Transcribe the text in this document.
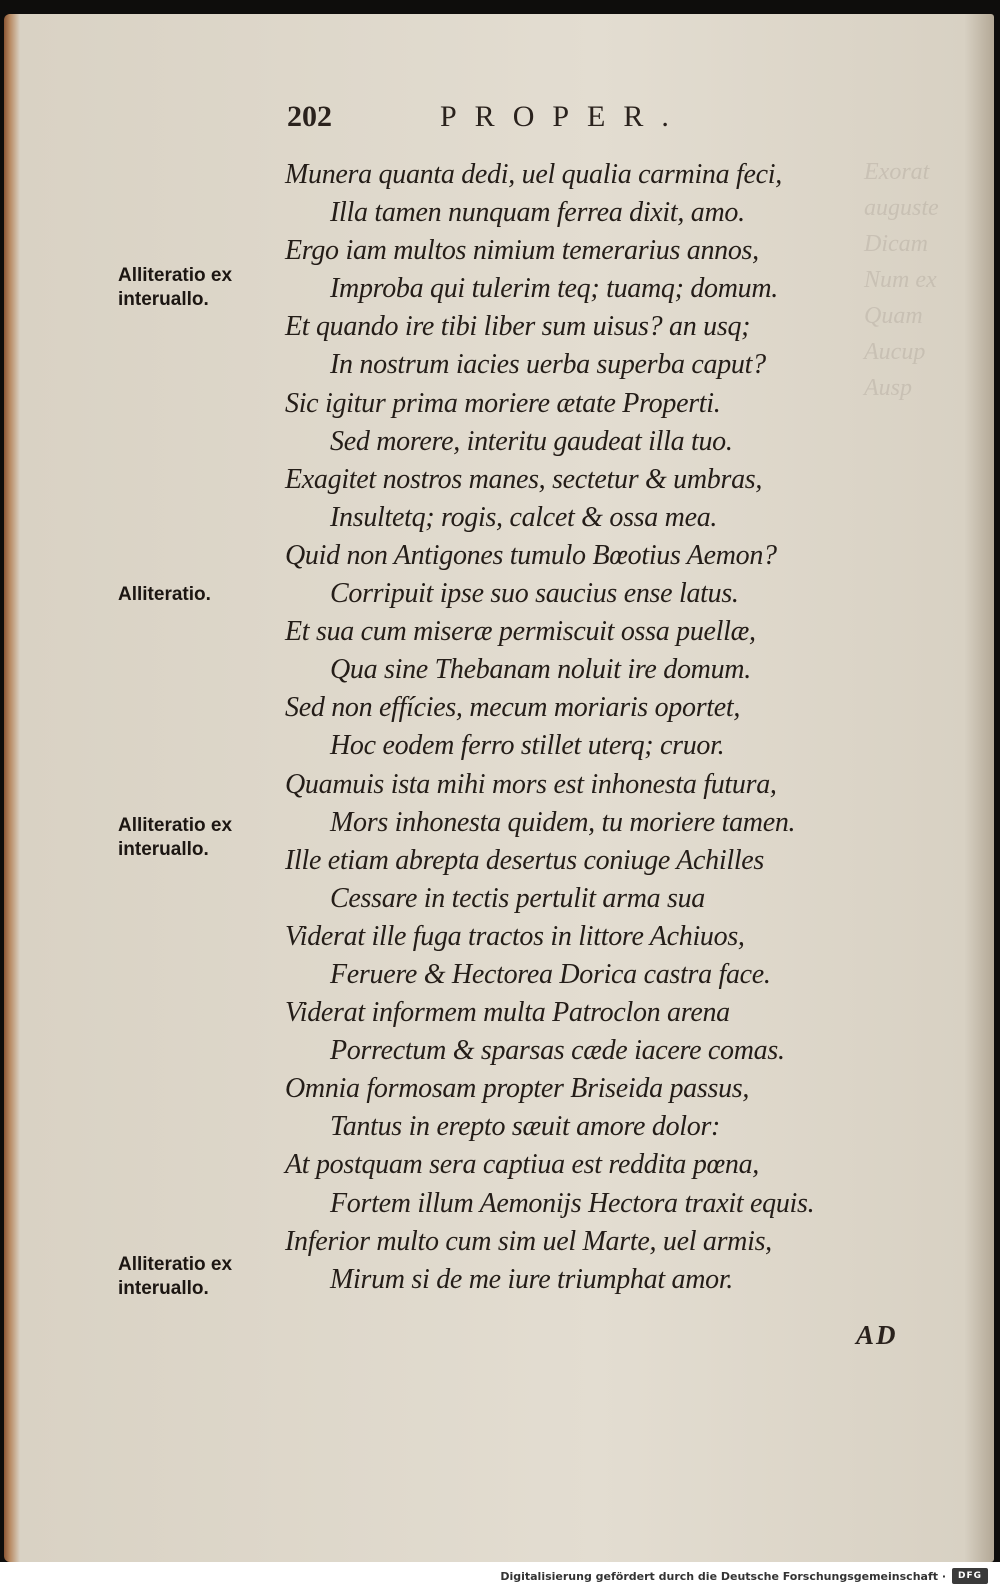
Exorat
auguste
Dicam
Num ex
Quam
Aucup
Ausp
202	PROPER.
Munera quanta dedi, uel qualia carmina feci,
Illa tamen nunquam ferrea dixit, amo.
Ergo iam multos nimium temerarius annos,
Improba qui tulerim teq; tuamq; domum.
Et quando ire tibi liber sum uisus? an usq;
In nostrum iacies uerba superba caput?
Sic igitur prima moriere ætate Properti.
Sed morere, interitu gaudeat illa tuo.
Exagitet nostros manes, sectetur & umbras,
Insultetq; rogis, calcet & ossa mea.
Quid non Antigones tumulo Bœotius Aemon?
Corripuit ipse suo saucius ense latus.
Et sua cum miseræ permiscuit ossa puellæ,
Qua sine Thebanam noluit ire domum.
Sed non effícies, mecum moriaris oportet,
Hoc eodem ferro stillet uterq; cruor.
Quamuis ista mihi mors est inhonesta futura,
Mors inhonesta quidem, tu moriere tamen.
Ille etiam abrepta desertus coniuge Achilles
Cessare in tectis pertulit arma sua
Viderat ille fuga tractos in littore Achiuos,
Feruere & Hectorea Dorica castra face.
Viderat informem multa Patroclon arena
Porrectum & sparsas cæde iacere comas.
Omnia formosam propter Briseida passus,
Tantus in erepto sæuit amore dolor:
At postquam sera captiua est reddita pœna,
Fortem illum Aemonijs Hectora traxit equis.
Inferior multo cum sim uel Marte, uel armis,
Mirum si de me iure triumphat amor.
Alliteratio ex
interuallo.
Alliteratio.
Alliteratio ex
interuallo.
Alliteratio ex
interuallo.
AD
Digitalisierung gefördert durch die Deutsche Forschungsgemeinschaft ·	DFG
